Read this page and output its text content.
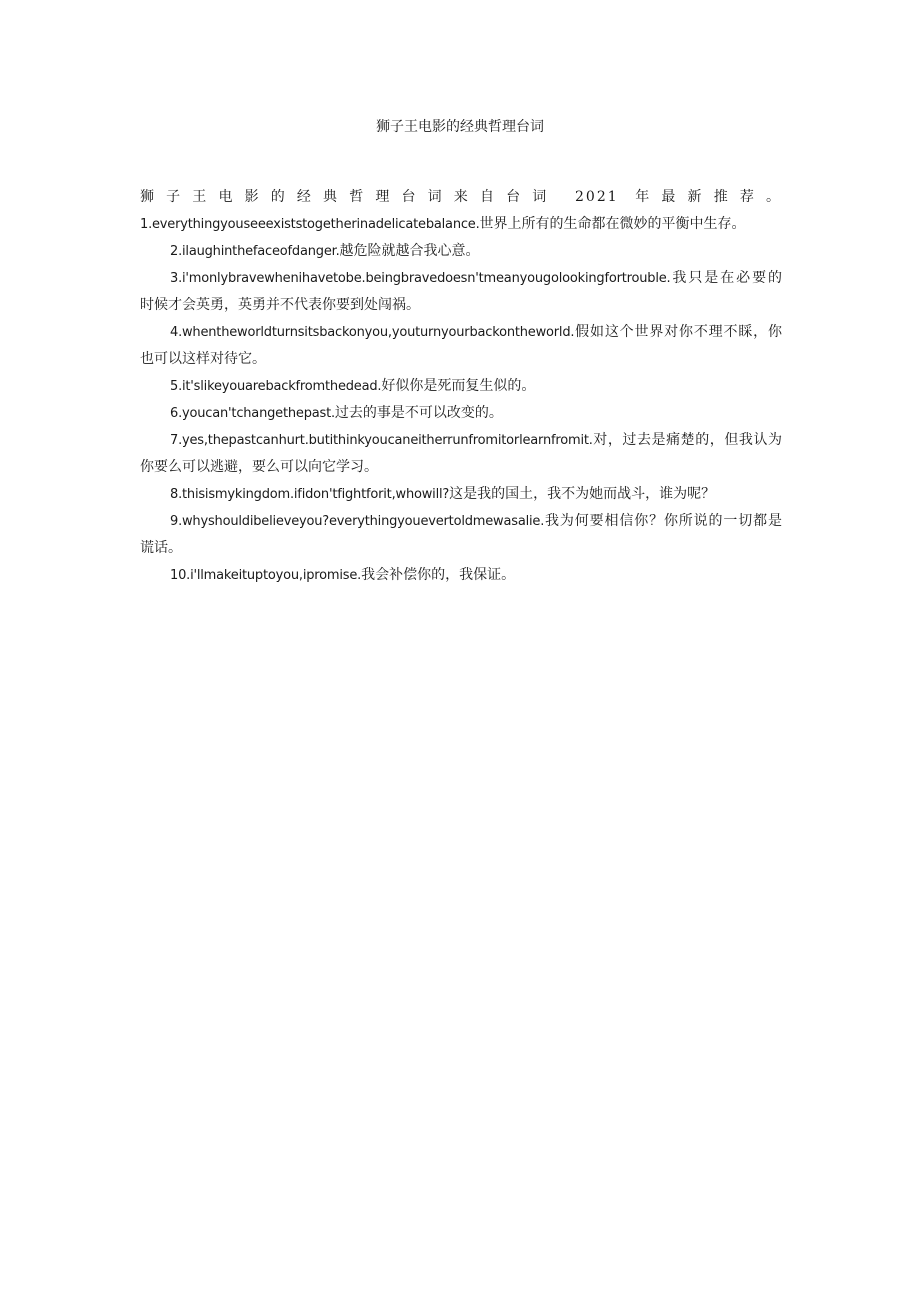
狮子王电影的经典哲理台词

狮子王电影的经典哲理台词来自台词 2021 年最新推荐。

1.everythingyouseeexiststogetherinadelicatebalance.世界上所有的生命都在微妙的平衡中生存。

2.ilaughinthefaceofdanger.越危险就越合我心意。

3.i'monlybravewhenihavetobe.beingbravedoesn'tmeanyougolookingfortrouble.我只是在必要的时候才会英勇，英勇并不代表你要到处闯祸。

4.whentheworldturnsitsbackonyou,youturnyourbackontheworld.假如这个世界对你不理不睬，你也可以这样对待它。

5.it'slikeyouarebackfromthedead.好似你是死而复生似的。

6.youcan'tchangethepast.过去的事是不可以改变的。

7.yes,thepastcanhurt.butithinkyoucaneitherrunfromitorlearnfromit.对，过去是痛楚的，但我认为你要么可以逃避，要么可以向它学习。

8.thisismykingdom.ifidon'tfightforit,whowill?这是我的国土，我不为她而战斗，谁为呢？

9.whyshouldibelieveyou?everythingyouevertoldmewasalie.我为何要相信你？你所说的一切都是谎话。

10.i'llmakeituptoyou,ipromise.我会补偿你的，我保证。
